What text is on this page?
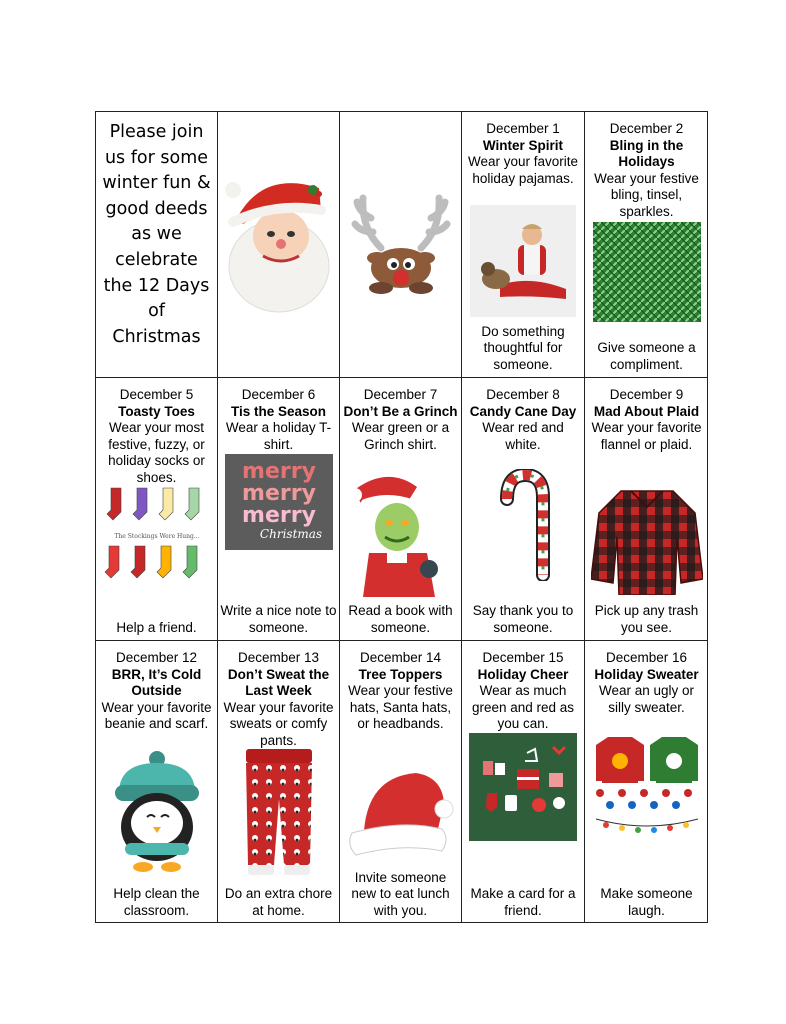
Please join
us for some
winter fun &
good deeds
as we
celebrate
the 12 Days
of
Christmas
December 1
Winter Spirit
Wear your favorite holiday pajamas.
Do something thoughtful for someone.
December 2
Bling in the Holidays
Wear your festive bling, tinsel, sparkles.
Give someone a compliment.
December 5
Toasty Toes
Wear your most festive, fuzzy, or holiday socks or shoes.
The Stockings Were Hung...
Help a friend.
December 6
Tis the Season
Wear a holiday T-shirt.
merry
merry
merry
Christmas
Write a nice note to someone.
December 7
Don’t Be a Grinch
Wear green or a Grinch shirt.
Read a book with someone.
December 8
Candy Cane Day
Wear red and white.
Say thank you to someone.
December 9
Mad About Plaid
Wear your favorite flannel or plaid.
Pick up any trash you see.
December 12
BRR, It’s Cold Outside
Wear your favorite beanie and scarf.
Help clean the classroom.
December 13
Don’t Sweat the Last Week
Wear your favorite sweats or comfy pants.
Do an extra chore at home.
December 14
Tree Toppers
Wear your festive hats, Santa hats, or headbands.
Invite someone new to eat lunch with you.
December 15
Holiday Cheer
Wear as much green and red as you can.
Make a card for a friend.
December 16
Holiday Sweater
Wear an ugly or silly sweater.
Make someone laugh.
